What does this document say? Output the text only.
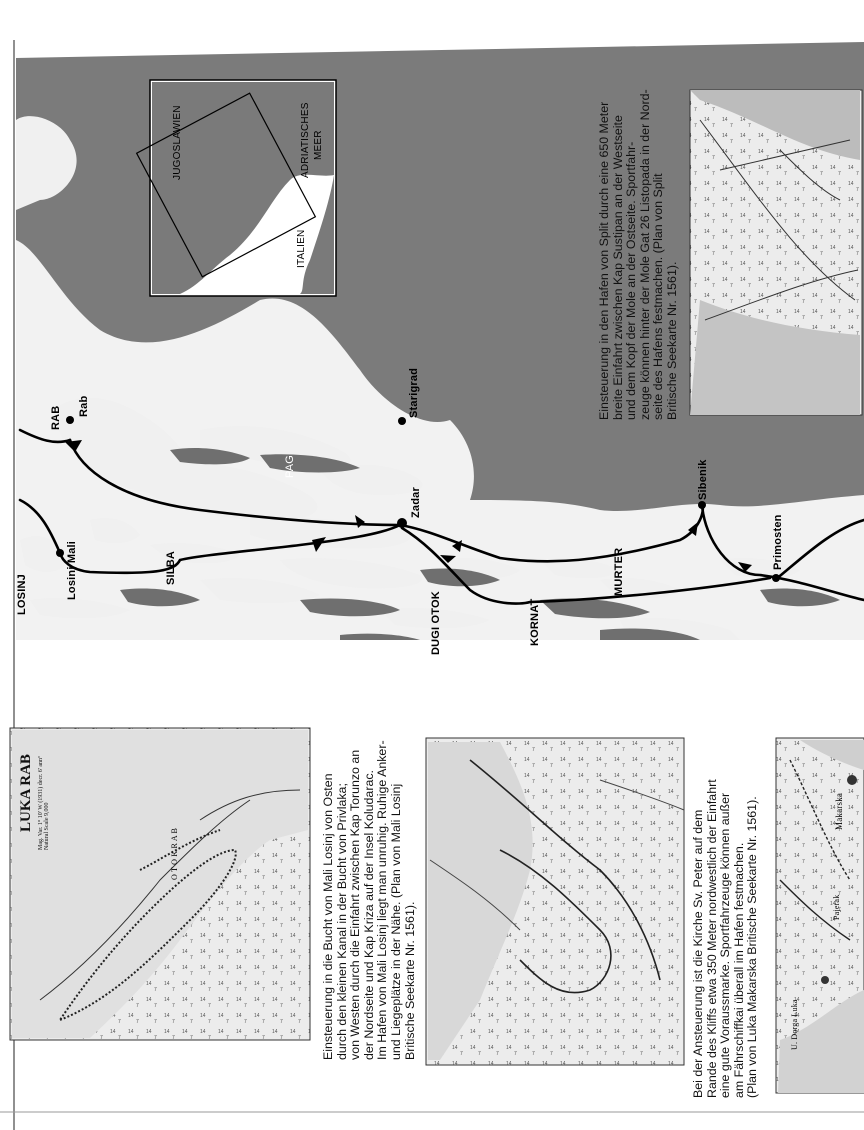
LOSINJ	Losinj Mali	SILBA
RAB Rab
PAG
Starigrad
Zadar
DUGI OTOK	KORNAT
MURTER
Sibenik
Primosten
JUGOSLAWIEN	ADRIATISCHES MEER
ITALIEN	Einsteuerung in den Hafen von Split durch eine 650 Meter breite Einfahrt zwischen Kap Sustipan an der Westseite und dem Kopf der Mole an der Ostseite. Sportfahr- zeuge können hinter der Mole Gat 26 Listopada in der Nord- seite des Hafens festmachen. (Plan von Split Britische Seekarte Nr. 1561).

Einsteuerung in die Bucht von Mali Losinj von Osten durch den kleinen Kanal in der Bucht von Privlaka; von Westen durch die Einfahrt zwischen Kap Torunzo an der Nordseite und Kap Kriza auf der Insel Koludarac. Im Hafen von Mali Losinj liegt man unruhig. Ruhige Anker- und Liegeplätze in der Nähe. (Plan von Mali Losinj Britische Seekarte Nr. 1561).	Bei der Ansteuerung ist die Kirche Sv. Peter auf dem Rande des Kliffs etwa 350 Meter nordwestlich der Einfahrt eine gute Voraussmarke. Sportfahrzeuge können außer am Fährschiffkai überall im Hafen festmachen. (Plan von Luka Makarska Britische Seekarte Nr. 1561).

LUKA RAB Mag. Var. 1° 10' W (1931) decr. 6' annº Natural Scale 9,000
O T O K R A B
Makarska
U. Dorga Luka
Pajerak
